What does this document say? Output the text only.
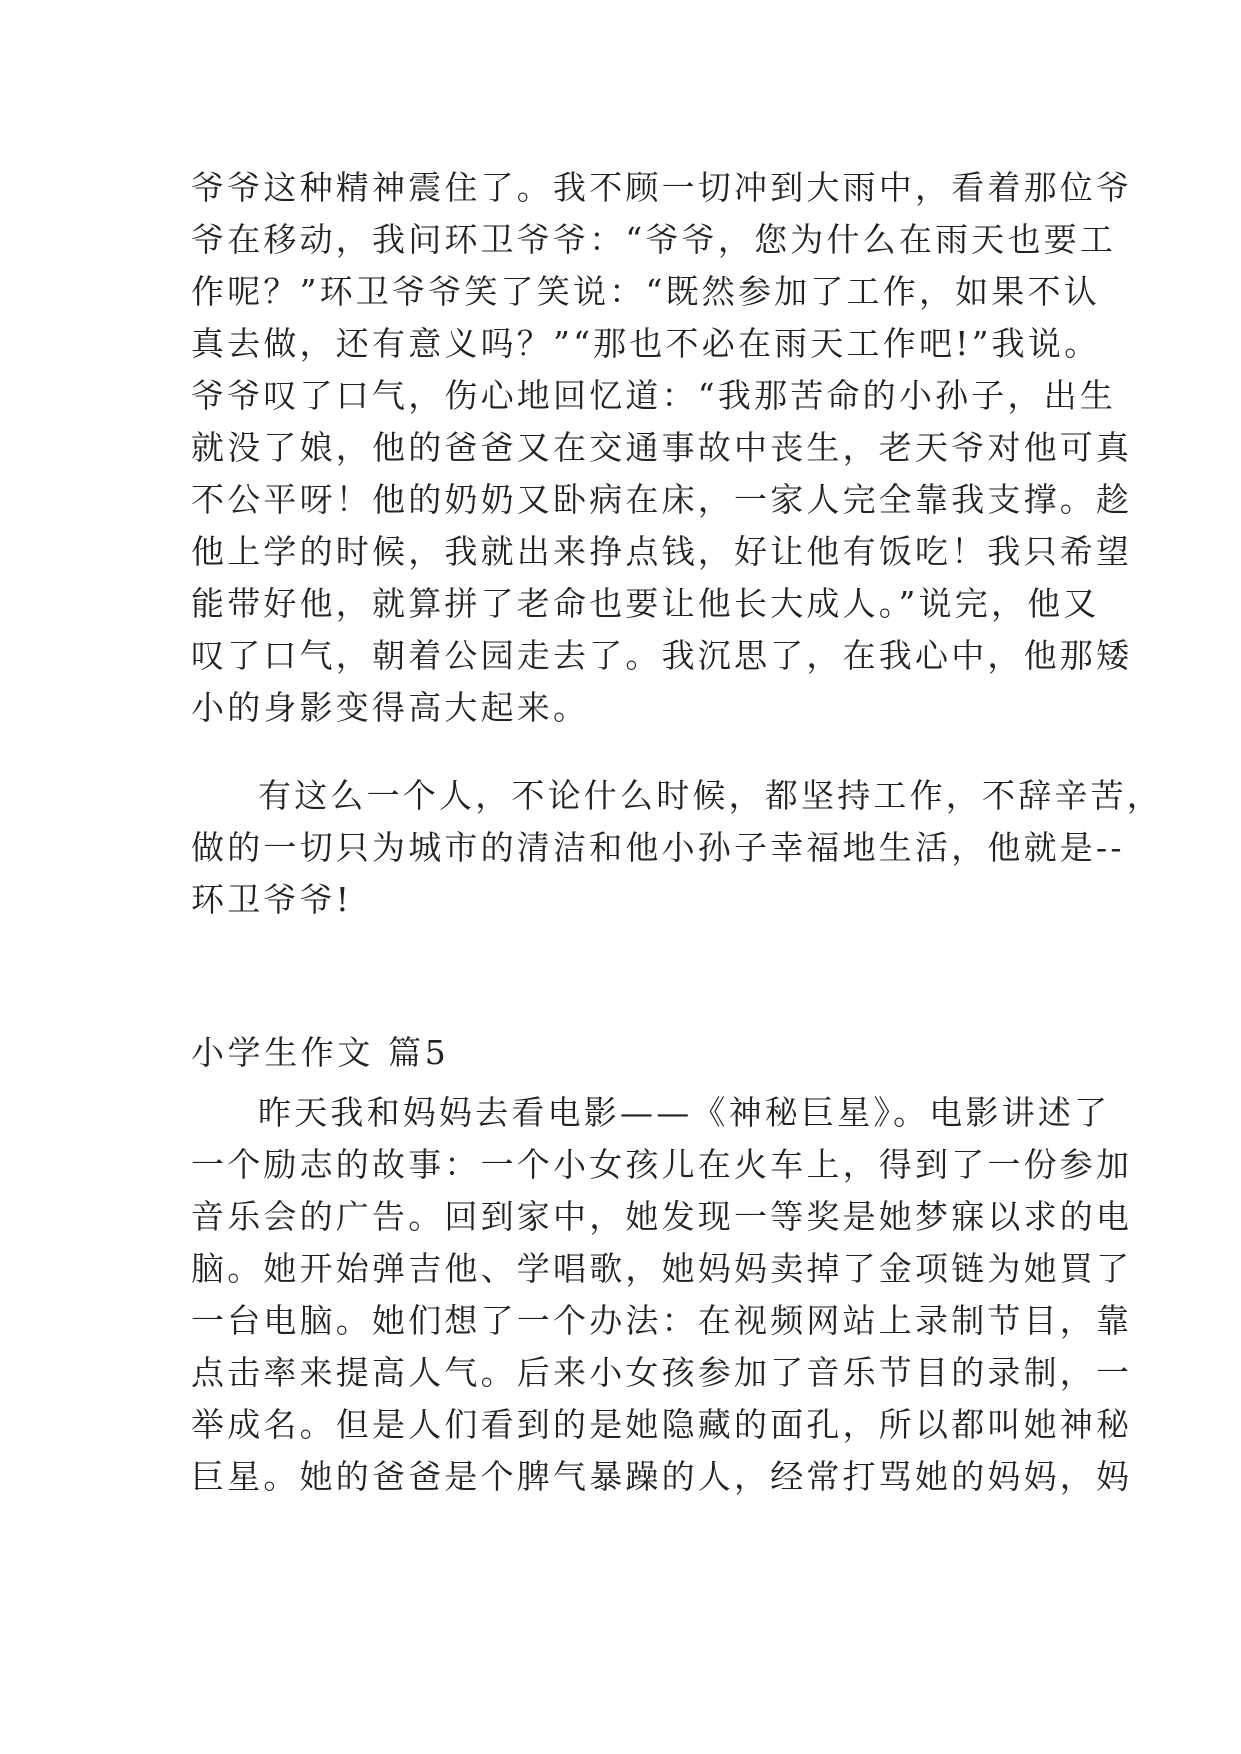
爷爷这种精神震住了。我不顾一切冲到大雨中，看着那位爷
爷在移动，我问环卫爷爷：“爷爷，您为什么在雨天也要工
作呢？”环卫爷爷笑了笑说：“既然参加了工作，如果不认
真去做，还有意义吗？”“那也不必在雨天工作吧!”我说。
爷爷叹了口气，伤心地回忆道：“我那苦命的小孙子，出生
就没了娘，他的爸爸又在交通事故中丧生，老天爷对他可真
不公平呀！他的奶奶又卧病在床，一家人完全靠我支撑。趁
他上学的时候，我就出来挣点钱，好让他有饭吃！我只希望
能带好他，就算拼了老命也要让他长大成人。”说完，他又
叹了口气，朝着公园走去了。我沉思了，在我心中，他那矮
小的身影变得高大起来。
有这么一个人，不论什么时候，都坚持工作，不辞辛苦，
做的一切只为城市的清洁和他小孙子幸福地生活，他就是--
环卫爷爷!
小学生作文 篇5
昨天我和妈妈去看电影——《神秘巨星》。电影讲述了
一个励志的故事：一个小女孩儿在火车上，得到了一份参加
音乐会的广告。回到家中，她发现一等奖是她梦寐以求的电
脑。她开始弹吉他、学唱歌，她妈妈卖掉了金项链为她買了
一台电脑。她们想了一个办法：在视频网站上录制节目，靠
点击率来提高人气。后来小女孩参加了音乐节目的录制，一
举成名。但是人们看到的是她隐藏的面孔，所以都叫她神秘
巨星。她的爸爸是个脾气暴躁的人，经常打骂她的妈妈，妈
